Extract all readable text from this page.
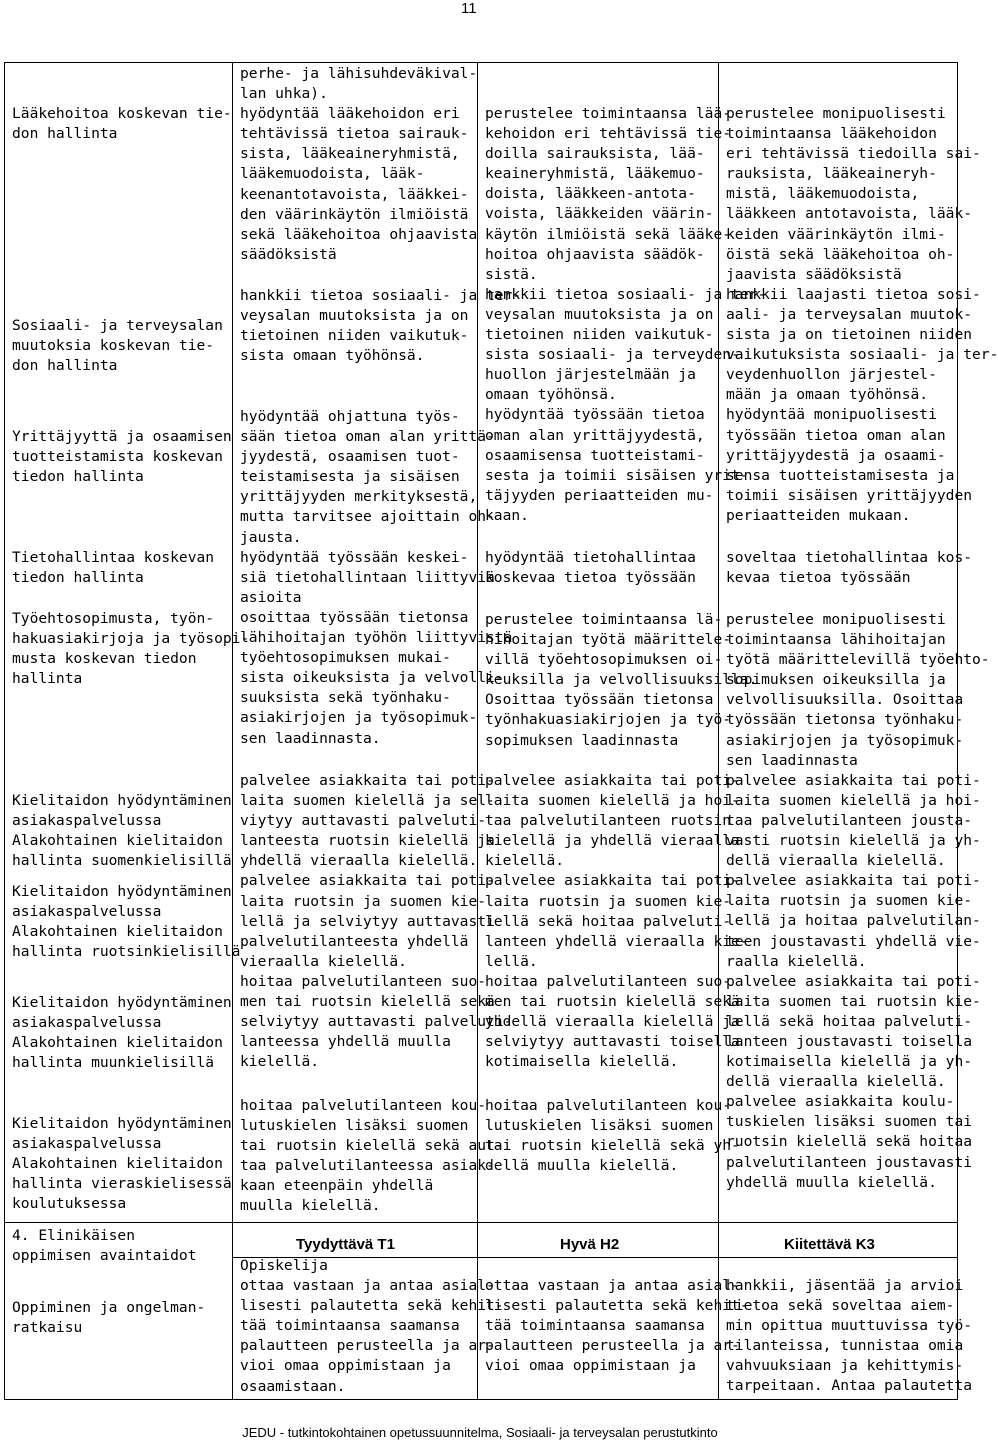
11
Lääkehoitoa koskevan tie-
don hallinta
Sosiaali- ja terveysalan
muutoksia koskevan tie-
don hallinta
Yrittäjyyttä ja osaamisen
tuotteistamista koskevan
tiedon hallinta
Tietohallintaa koskevan
tiedon hallinta
Työehtosopimusta, työn-
hakuasiakirjoja ja työsopi-
musta koskevan tiedon
hallinta
Kielitaidon hyödyntäminen
asiakaspalvelussa
Alakohtainen kielitaidon
hallinta suomenkielisillä
Kielitaidon hyödyntäminen
asiakaspalvelussa
Alakohtainen kielitaidon
hallinta ruotsinkielisillä
Kielitaidon hyödyntäminen
asiakaspalvelussa
Alakohtainen kielitaidon
hallinta muunkielisillä
Kielitaidon hyödyntäminen
asiakaspalvelussa
Alakohtainen kielitaidon
hallinta vieraskielisessä
koulutuksessa
4. Elinikäisen
oppimisen avaintaidot
Oppiminen ja ongelman-
ratkaisu
perhe- ja lähisuhdeväkival-
lan uhka).
hyödyntää lääkehoidon eri
tehtävissä tietoa sairauk-
sista, lääkeaineryhmistä,
lääkemuodoista, lääk-
keenantotavoista, lääkkei-
den väärinkäytön ilmiöistä
sekä lääkehoitoa ohjaavista
säädöksistä
hankkii tietoa sosiaali- ja ter-
veysalan muutoksista ja on
tietoinen niiden vaikutuk-
sista omaan työhönsä.
hyödyntää ohjattuna työs-
sään tietoa oman alan yrittä-
jyydestä, osaamisen tuot-
teistamisesta ja sisäisen
yrittäjyyden merkityksestä,
mutta tarvitsee ajoittain oh-
jausta.
hyödyntää työssään keskei-
siä tietohallintaan liittyviä
asioita
osoittaa työssään tietonsa
lähihoitajan työhön liittyvistä
työehtosopimuksen mukai-
sista oikeuksista ja velvolli-
suuksista sekä työnhaku-
asiakirjojen ja työsopimuk-
sen laadinnasta.
palvelee asiakkaita tai poti-
laita suomen kielellä ja sel-
viytyy auttavasti palveluti-
lanteesta ruotsin kielellä ja
yhdellä vieraalla kielellä.
palvelee asiakkaita tai poti-
laita ruotsin ja suomen kie-
lellä ja selviytyy auttavasti
palvelutilanteesta yhdellä
vieraalla kielellä.
hoitaa palvelutilanteen suo-
men tai ruotsin kielellä sekä
selviytyy auttavasti palveluti-
lanteessa yhdellä muulla
kielellä.
hoitaa palvelutilanteen kou-
lutuskielen lisäksi suomen
tai ruotsin kielellä sekä aut-
taa palvelutilanteessa asiak-
kaan eteenpäin yhdellä
muulla kielellä.
Opiskelija
ottaa vastaan ja antaa asial-
lisesti palautetta sekä kehit-
tää toimintaansa saamansa
palautteen perusteella ja ar-
vioi omaa oppimistaan ja
osaamistaan.
perustelee toimintaansa lää-
kehoidon eri tehtävissä tie-
doilla sairauksista, lää-
keaineryhmistä, lääkemuo-
doista, lääkkeen-antota-
voista, lääkkeiden väärin-
käytön ilmiöistä sekä lääke-
hoitoa ohjaavista säädök-
sistä.
hankkii tietoa sosiaali- ja ter-
veysalan muutoksista ja on
tietoinen niiden vaikutuk-
sista sosiaali- ja terveyden-
huollon järjestelmään ja
omaan työhönsä.
hyödyntää työssään tietoa
oman alan yrittäjyydestä,
osaamisensa tuotteistami-
sesta ja toimii sisäisen yrit-
täjyyden periaatteiden mu-
kaan.
hyödyntää tietohallintaa
koskevaa tietoa työssään
perustelee toimintaansa lä-
hihoitajan työtä määrittele-
villä työehtosopimuksen oi-
keuksilla ja velvollisuuksilla.
Osoittaa työssään tietonsa
työnhakuasiakirjojen ja työ-
sopimuksen laadinnasta
palvelee asiakkaita tai poti-
laita suomen kielellä ja hoi-
taa palvelutilanteen ruotsin
kielellä ja yhdellä vieraalla
kielellä.
palvelee asiakkaita tai poti-
laita ruotsin ja suomen kie-
lellä sekä hoitaa palveluti-
lanteen yhdellä vieraalla kie-
lellä.
hoitaa palvelutilanteen suo-
men tai ruotsin kielellä sekä
yhdellä vieraalla kielellä ja
selviytyy auttavasti toisella
kotimaisella kielellä.
hoitaa palvelutilanteen kou-
lutuskielen lisäksi suomen
tai ruotsin kielellä sekä yh-
dellä muulla kielellä.
ottaa vastaan ja antaa asial-
lisesti palautetta sekä kehit-
tää toimintaansa saamansa
palautteen perusteella ja ar-
vioi omaa oppimistaan ja
perustelee monipuolisesti
toimintaansa lääkehoidon
eri tehtävissä tiedoilla sai-
rauksista, lääkeaineryh-
mistä, lääkemuodoista,
lääkkeen antotavoista, lääk-
keiden väärinkäytön ilmi-
öistä sekä lääkehoitoa oh-
jaavista säädöksistä
hankkii laajasti tietoa sosi-
aali- ja terveysalan muutok-
sista ja on tietoinen niiden
vaikutuksista sosiaali- ja ter-
veydenhuollon järjestel-
mään ja omaan työhönsä.
hyödyntää monipuolisesti
työssään tietoa oman alan
yrittäjyydestä ja osaami-
sensa tuotteistamisesta ja
toimii sisäisen yrittäjyyden
periaatteiden mukaan.
soveltaa tietohallintaa kos-
kevaa tietoa työssään
perustelee monipuolisesti
toimintaansa lähihoitajan
työtä määrittelevillä työehto-
sopimuksen oikeuksilla ja
velvollisuuksilla. Osoittaa
työssään tietonsa työnhaku-
asiakirjojen ja työsopimuk-
sen laadinnasta
palvelee asiakkaita tai poti-
laita suomen kielellä ja hoi-
taa palvelutilanteen jousta-
vasti ruotsin kielellä ja yh-
dellä vieraalla kielellä.
palvelee asiakkaita tai poti-
laita ruotsin ja suomen kie-
lellä ja hoitaa palvelutilan-
teen joustavasti yhdellä vie-
raalla kielellä.
palvelee asiakkaita tai poti-
laita suomen tai ruotsin kie-
lellä sekä hoitaa palveluti-
lanteen joustavasti toisella
kotimaisella kielellä ja yh-
dellä vieraalla kielellä.
palvelee asiakkaita koulu-
tuskielen lisäksi suomen tai
ruotsin kielellä sekä hoitaa
palvelutilanteen joustavasti
yhdellä muulla kielellä.
hankkii, jäsentää ja arvioi
tietoa sekä soveltaa aiem-
min opittua muuttuvissa työ-
tilanteissa, tunnistaa omia
vahvuuksiaan ja kehittymis-
tarpeitaan. Antaa palautetta
Tyydyttävä T1	Hyvä H2	Kiitettävä K3
JEDU - tutkintokohtainen opetussuunnitelma, Sosiaali- ja terveysalan perustutkinto
